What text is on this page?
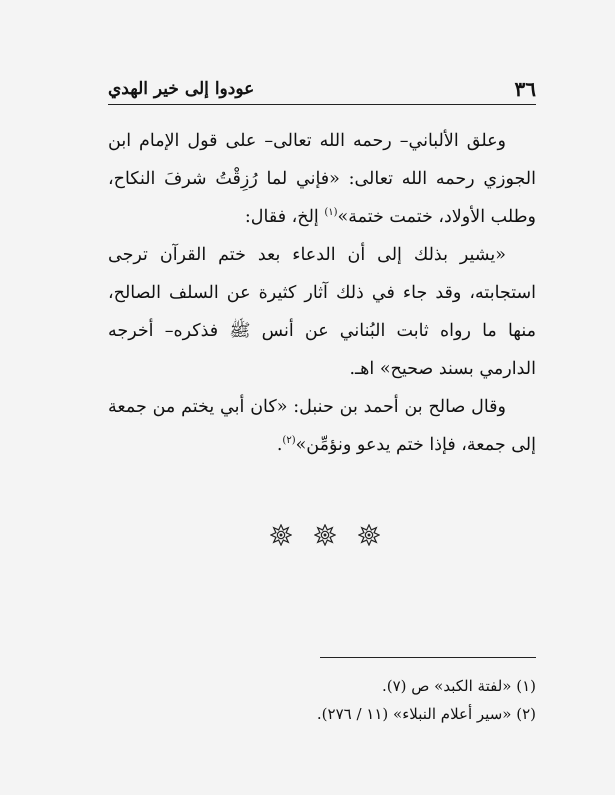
٣٦
عودوا إلى خير الهدي

وعلق الألباني– رحمه الله تعالى– على قول الإمام ابن الجوزي رحمه الله تعالى: «فإني لما رُزِقْتُ شرفَ النكاح، وطلب الأولاد، ختمت ختمة»$^{(١)}$ إلخ، فقال:

«يشير بذلك إلى أن الدعاء بعد ختم القرآن ترجى استجابته، وقد جاء في ذلك آثار كثيرة عن السلف الصالح، منها ما رواه ثابت البُناني عن أنس ﷺ فذكره– أخرجه الدارمي بسند صحيح» اهـ.

وقال صالح بن أحمد بن حنبل: «كان أبي يختم من جمعة إلى جمعة، فإذا ختم يدعو ونؤمِّن»$^{(٢)}$.

(١) «لفتة الكبد» ص (٧).

(٢) «سير أعلام النبلاء» (١١ / ٢٧٦).
